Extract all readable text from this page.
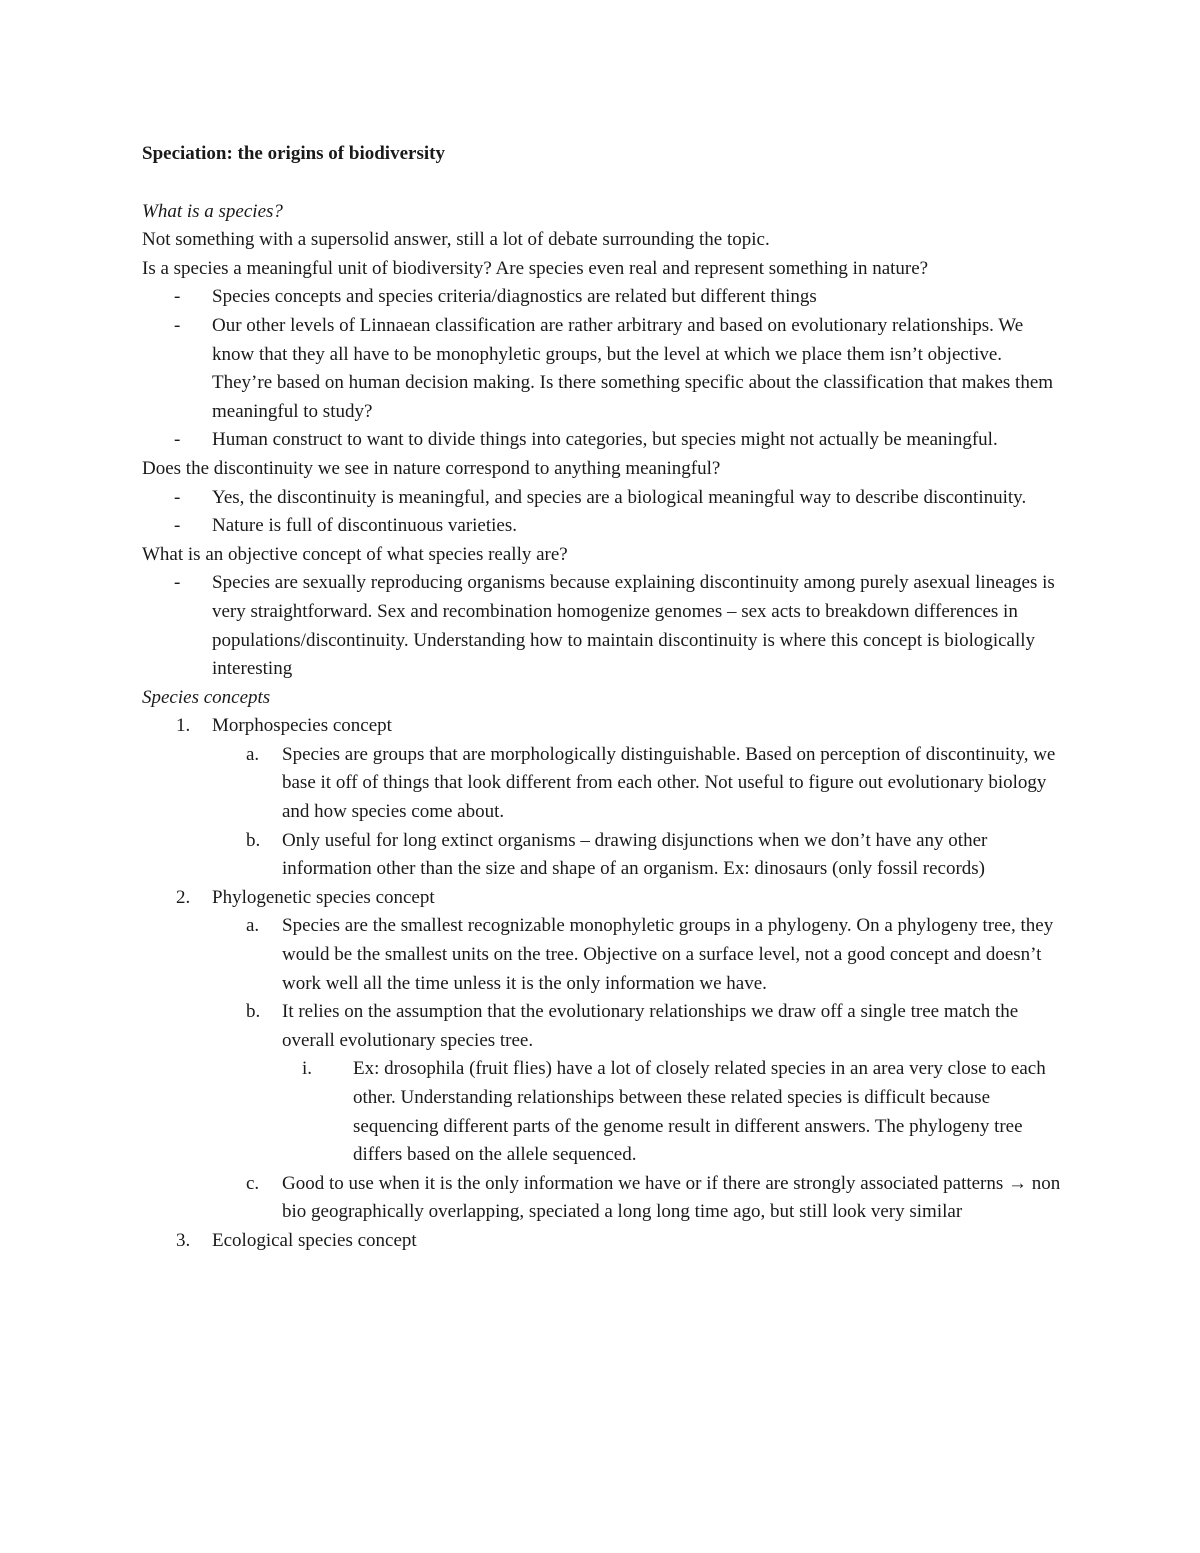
Speciation: the origins of biodiversity

What is a species?

Not something with a supersolid answer, still a lot of debate surrounding the topic.

Is a species a meaningful unit of biodiversity? Are species even real and represent something in nature?

- Species concepts and species criteria/diagnostics are related but different things
- Our other levels of Linnaean classification are rather arbitrary and based on evolutionary relationships. We know that they all have to be monophyletic groups, but the level at which we place them isn’t objective. They’re based on human decision making. Is there something specific about the classification that makes them meaningful to study?
- Human construct to want to divide things into categories, but species might not actually be meaningful.

Does the discontinuity we see in nature correspond to anything meaningful?

- Yes, the discontinuity is meaningful, and species are a biological meaningful way to describe discontinuity.
- Nature is full of discontinuous varieties.

What is an objective concept of what species really are?

- Species are sexually reproducing organisms because explaining discontinuity among purely asexual lineages is very straightforward. Sex and recombination homogenize genomes – sex acts to breakdown differences in populations/discontinuity. Understanding how to maintain discontinuity is where this concept is biologically interesting

Species concepts

1. Morphospecies concept
a. Species are groups that are morphologically distinguishable. Based on perception of discontinuity, we base it off of things that look different from each other. Not useful to figure out evolutionary biology and how species come about.
b. Only useful for long extinct organisms – drawing disjunctions when we don’t have any other information other than the size and shape of an organism. Ex: dinosaurs (only fossil records)
2. Phylogenetic species concept
a. Species are the smallest recognizable monophyletic groups in a phylogeny. On a phylogeny tree, they would be the smallest units on the tree. Objective on a surface level, not a good concept and doesn’t work well all the time unless it is the only information we have.
b. It relies on the assumption that the evolutionary relationships we draw off a single tree match the overall evolutionary species tree.
i. Ex: drosophila (fruit flies) have a lot of closely related species in an area very close to each other. Understanding relationships between these related species is difficult because sequencing different parts of the genome result in different answers. The phylogeny tree differs based on the allele sequenced.
c. Good to use when it is the only information we have or if there are strongly associated patterns → non bio geographically overlapping, speciated a long long time ago, but still look very similar
3. Ecological species concept
